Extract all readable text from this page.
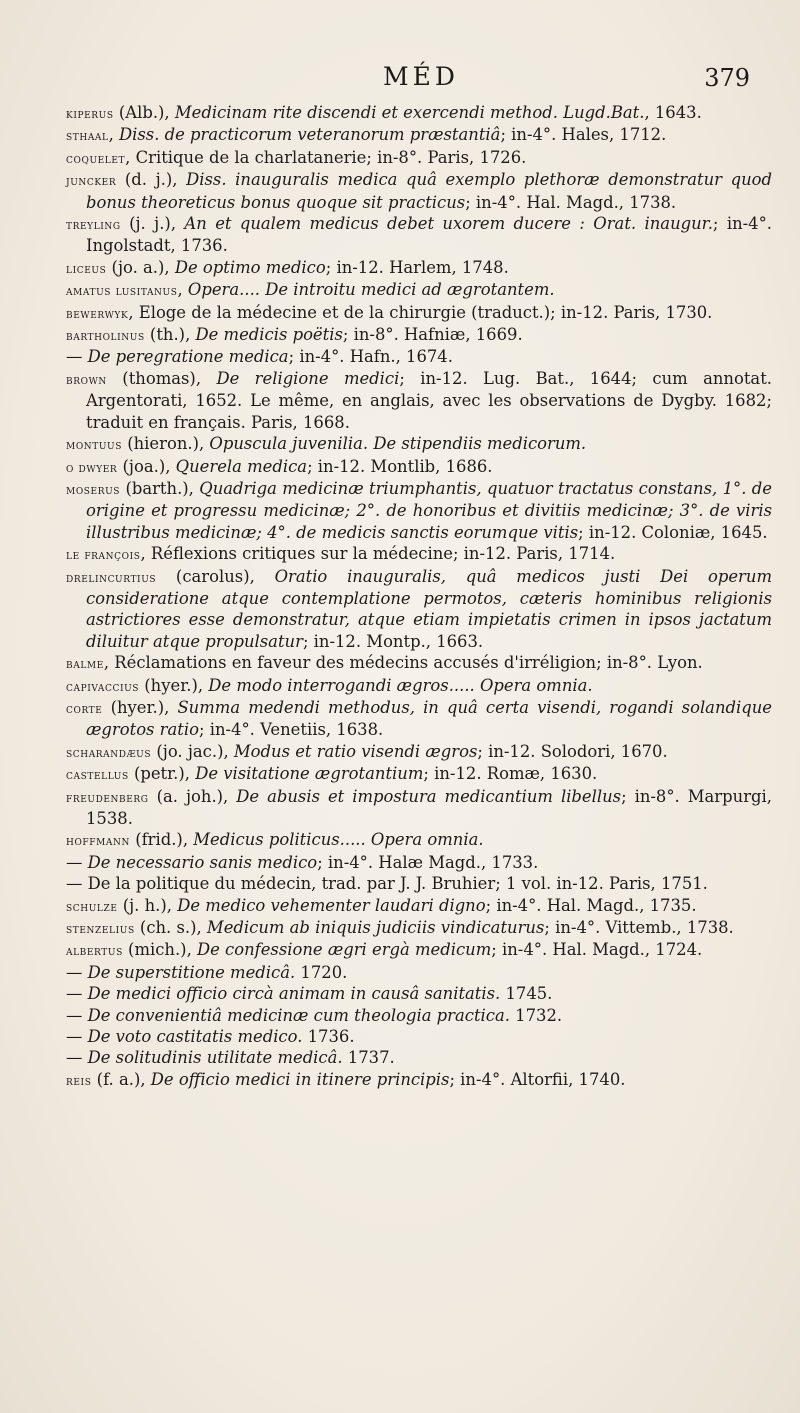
MÉD	379

kiperus (Alb.), Medicinam rite discendi et exercendi method. Lugd.Bat., 1643.

sthaal, Diss. de practicorum veteranorum præstantiâ; in-4°. Hales, 1712.

coquelet, Critique de la charlatanerie; in-8°. Paris, 1726.

juncker (d. j.), Diss. inauguralis medica quâ exemplo plethoræ demonstratur quod bonus theoreticus bonus quoque sit practicus; in-4°. Hal. Magd., 1738.

treyling (j. j.), An et qualem medicus debet uxorem ducere : Orat. inaugur.; in-4°. Ingolstadt, 1736.

liceus (jo. a.), De optimo medico; in-12. Harlem, 1748.

amatus lusitanus, Opera.... De introitu medici ad ægrotantem.

bewerwyk, Eloge de la médecine et de la chirurgie (traduct.); in-12. Paris, 1730.

bartholinus (th.), De medicis poëtis; in-8°. Hafniæ, 1669.

— De peregratione medica; in-4°. Hafn., 1674.

brown (thomas), De religione medici; in-12. Lug. Bat., 1644; cum annotat. Argentorati, 1652. Le même, en anglais, avec les observations de Dygby. 1682; traduit en français. Paris, 1668.

montuus (hieron.), Opuscula juvenilia. De stipendiis medicorum.

o dwyer (joa.), Querela medica; in-12. Montlib, 1686.

moserus (barth.), Quadriga medicinæ triumphantis, quatuor tractatus constans, 1°. de origine et progressu medicinæ; 2°. de honoribus et divitiis medicinæ; 3°. de viris illustribus medicinæ; 4°. de medicis sanctis eorumque vitis; in-12. Coloniæ, 1645.

le françois, Réflexions critiques sur la médecine; in-12. Paris, 1714.

drelincurtius (carolus), Oratio inauguralis, quâ medicos justi Dei operum consideratione atque contemplatione permotos, cæteris hominibus religionis astrictiores esse demonstratur, atque etiam impietatis crimen in ipsos jactatum diluitur atque propulsatur; in-12. Montp., 1663.

balme, Réclamations en faveur des médecins accusés d'irréligion; in-8°. Lyon.

capivaccius (hyer.), De modo interrogandi ægros..... Opera omnia.

corte (hyer.), Summa medendi methodus, in quâ certa visendi, rogandi solandique ægrotos ratio; in-4°. Venetiis, 1638.

scharandæus (jo. jac.), Modus et ratio visendi ægros; in-12. Solodori, 1670.

castellus (petr.), De visitatione ægrotantium; in-12. Romæ, 1630.

freudenberg (a. joh.), De abusis et impostura medicantium libellus; in-8°. Marpurgi, 1538.

hoffmann (frid.), Medicus politicus..... Opera omnia.

— De necessario sanis medico; in-4°. Halæ Magd., 1733.

— De la politique du médecin, trad. par J. J. Bruhier; 1 vol. in-12. Paris, 1751.

schulze (j. h.), De medico vehementer laudari digno; in-4°. Hal. Magd., 1735.

stenzelius (ch. s.), Medicum ab iniquis judiciis vindicaturus; in-4°. Vittemb., 1738.

albertus (mich.), De confessione ægri ergà medicum; in-4°. Hal. Magd., 1724.

— De superstitione medicâ. 1720.

— De medici officio circà animam in causâ sanitatis. 1745.

— De convenientiâ medicinæ cum theologia practica. 1732.

— De voto castitatis medico. 1736.

— De solitudinis utilitate medicâ. 1737.

reis (f. a.), De officio medici in itinere principis; in-4°. Altorfii, 1740.
